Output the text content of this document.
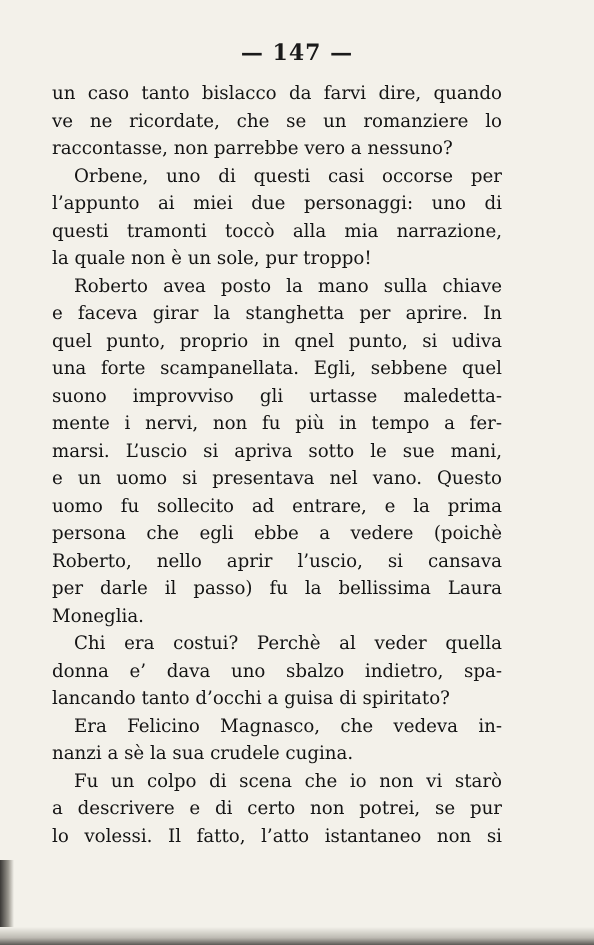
— 147 —
un caso tanto bislacco da farvi dire, quando
ve ne ricordate, che se un romanziere lo
raccontasse, non parrebbe vero a nessuno?
Orbene, uno di questi casi occorse per
l’appunto ai miei due personaggi: uno di
questi tramonti toccò alla mia narrazione,
la quale non è un sole, pur troppo!
Roberto avea posto la mano sulla chiave
e faceva girar la stanghetta per aprire. In
quel punto, proprio in qnel punto, si udiva
una forte scampanellata. Egli, sebbene quel
suono improvviso gli urtasse maledetta-
mente i nervi, non fu più in tempo a fer-
marsi. L’uscio si apriva sotto le sue mani,
e un uomo si presentava nel vano. Questo
uomo fu sollecito ad entrare, e la prima
persona che egli ebbe a vedere (poichè
Roberto, nello aprir l’uscio, si cansava
per darle il passo) fu la bellissima Laura
Moneglia.
Chi era costui? Perchè al veder quella
donna e’ dava uno sbalzo indietro, spa-
lancando tanto d’occhi a guisa di spiritato?
Era Felicino Magnasco, che vedeva in-
nanzi a sè la sua crudele cugina.
Fu un colpo di scena che io non vi starò
a descrivere e di certo non potrei, se pur
lo volessi. Il fatto, l’atto istantaneo non si
